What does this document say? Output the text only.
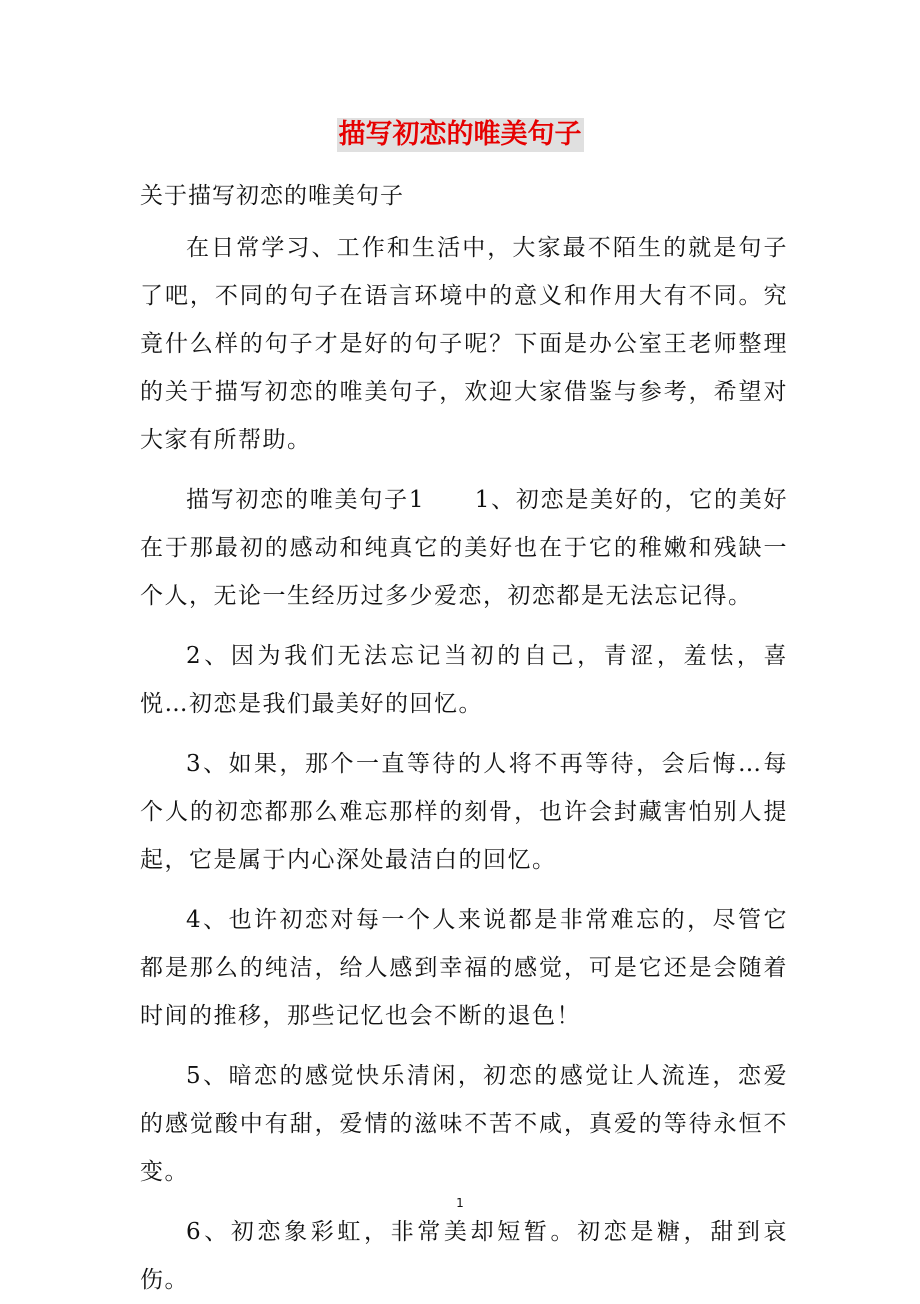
描写初恋的唯美句子

关于描写初恋的唯美句子

在日常学习、工作和生活中，大家最不陌生的就是句子了吧，不同的句子在语言环境中的意义和作用大有不同。究竟什么样的句子才是好的句子呢？下面是办公室王老师整理的关于描写初恋的唯美句子，欢迎大家借鉴与参考，希望对大家有所帮助。

描写初恋的唯美句子1　　1、初恋是美好的，它的美好在于那最初的感动和纯真它的美好也在于它的稚嫩和残缺一个人，无论一生经历过多少爱恋，初恋都是无法忘记得。

2、因为我们无法忘记当初的自己，青涩，羞怯，喜悦…初恋是我们最美好的回忆。

3、如果，那个一直等待的人将不再等待，会后悔…每个人的初恋都那么难忘那样的刻骨，也许会封藏害怕别人提起，它是属于内心深处最洁白的回忆。

4、也许初恋对每一个人来说都是非常难忘的，尽管它都是那么的纯洁，给人感到幸福的感觉，可是它还是会随着时间的推移，那些记忆也会不断的退色！

5、暗恋的感觉快乐清闲，初恋的感觉让人流连，恋爱的感觉酸中有甜，爱情的滋味不苦不咸，真爱的等待永恒不变。

6、初恋象彩虹，非常美却短暂。初恋是糖，甜到哀伤。

1
